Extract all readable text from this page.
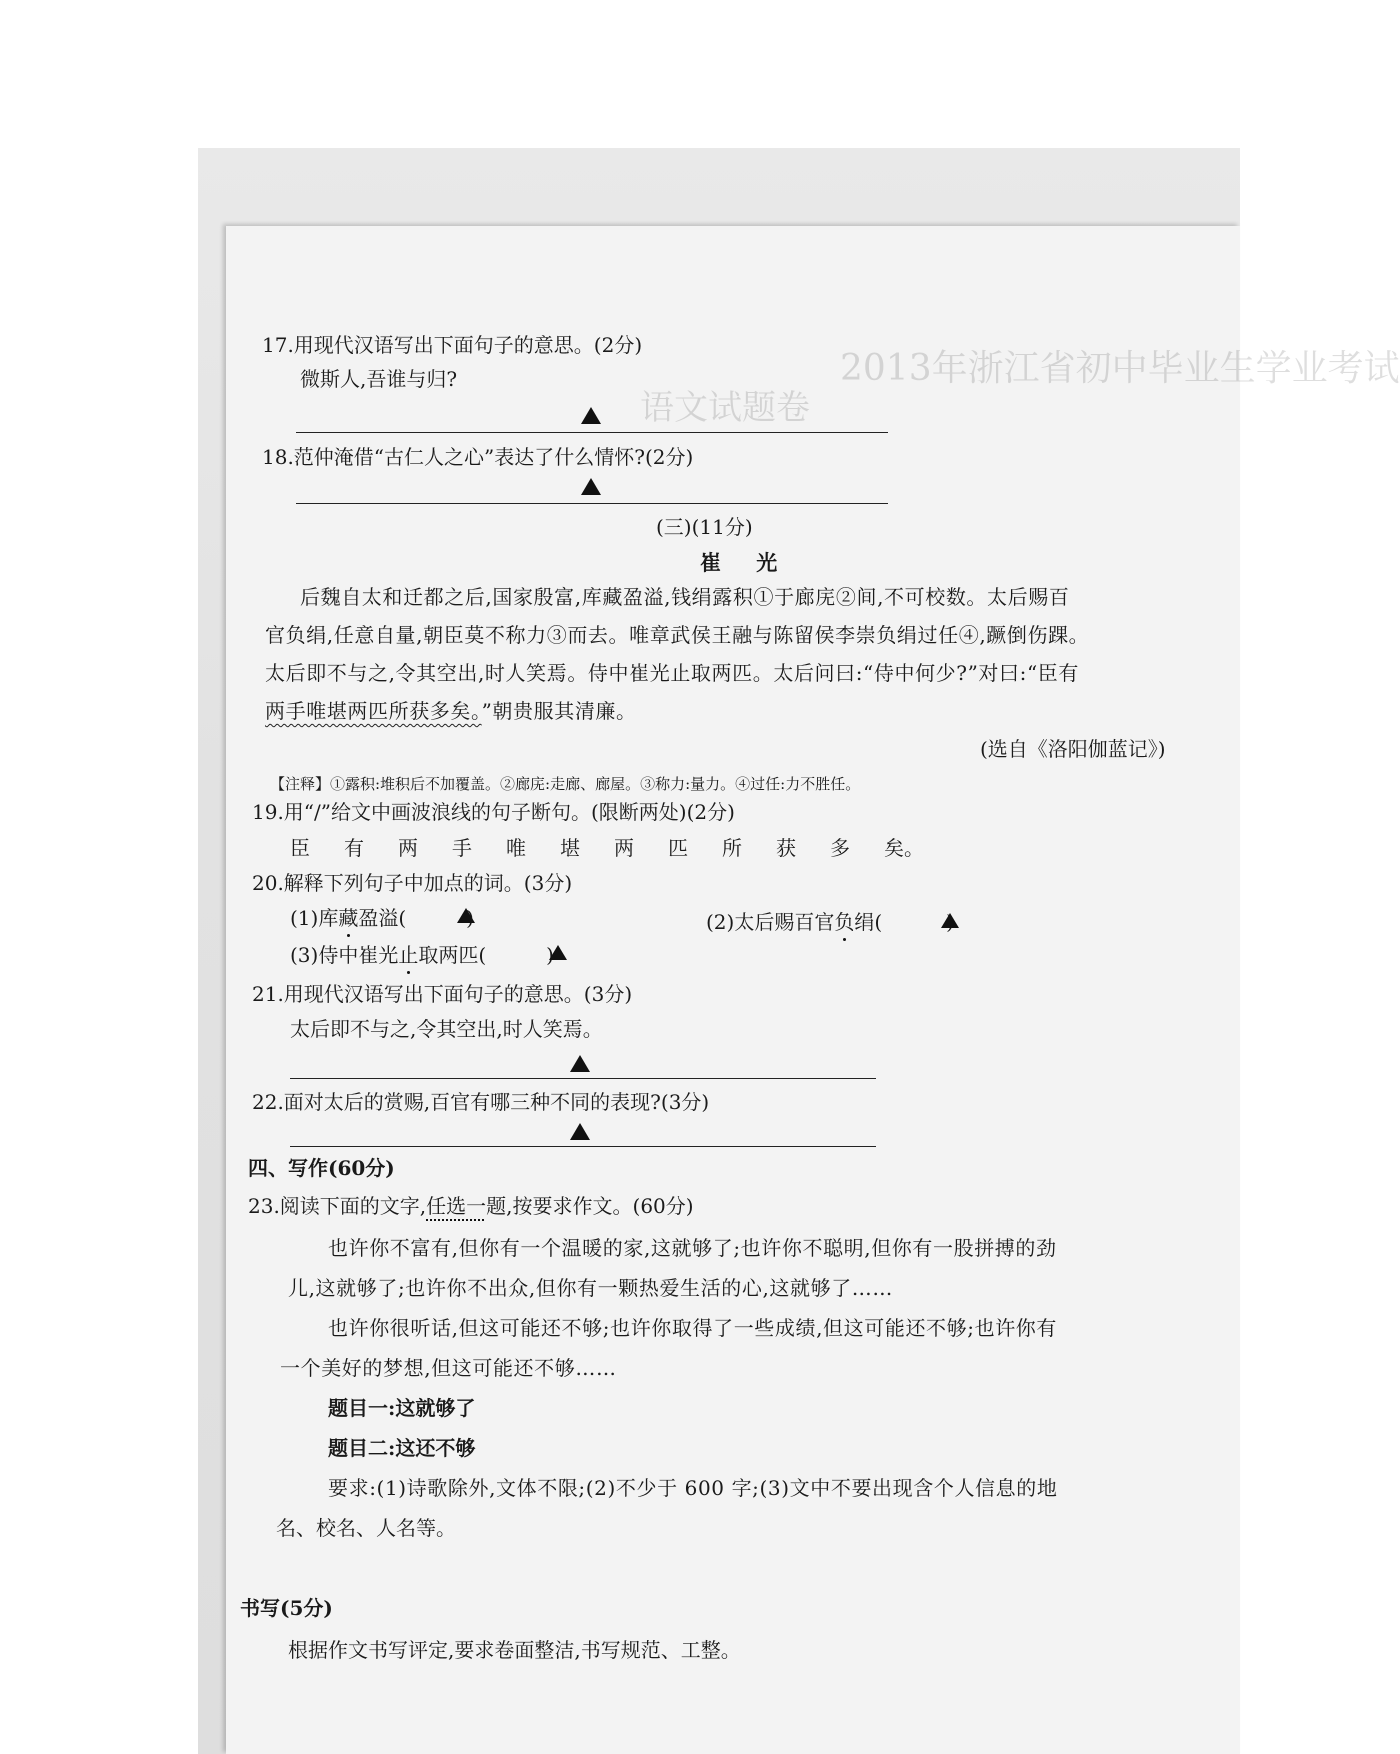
2013年浙江省初中毕业生学业考试
语文试题卷
17.用现代汉语写出下面句子的意思。(2分)
微斯人,吾谁与归?
18.范仲淹借“古仁人之心”表达了什么情怀?(2分)
(三)(11分)
崔 光
后魏自太和迁都之后,国家殷富,库藏盈溢,钱绢露积①于廊庑②间,不可校数。太后赐百
官负绢,任意自量,朝臣莫不称力③而去。唯章武侯王融与陈留侯李崇负绢过任④,蹶倒伤踝。
太后即不与之,令其空出,时人笑焉。侍中崔光止取两匹。太后问曰:“侍中何少?”对曰:“臣有
两手唯堪两匹所获多矣。”朝贵服其清廉。
(选自《洛阳伽蓝记》)
【注释】①露积:堆积后不加覆盖。②廊庑:走廊、廊屋。③称力:量力。④过任:力不胜任。
19.用“/”给文中画波浪线的句子断句。(限断两处)(2分)
臣 有 两 手 唯 堪 两 匹 所 获 多 矣。
20.解释下列句子中加点的词。(3分)
(1)库藏盈溢(	)	(2)太后赐百官负绢(	)
(3)侍中崔光止取两匹(	)
21.用现代汉语写出下面句子的意思。(3分)
太后即不与之,令其空出,时人笑焉。
22.面对太后的赏赐,百官有哪三种不同的表现?(3分)
四、写作(60分)
23.阅读下面的文字,任选一题,按要求作文。(60分)
也许你不富有,但你有一个温暖的家,这就够了;也许你不聪明,但你有一股拼搏的劲
儿,这就够了;也许你不出众,但你有一颗热爱生活的心,这就够了……
也许你很听话,但这可能还不够;也许你取得了一些成绩,但这可能还不够;也许你有
一个美好的梦想,但这可能还不够……
题目一:这就够了
题目二:这还不够
要求:(1)诗歌除外,文体不限;(2)不少于 600 字;(3)文中不要出现含个人信息的地
名、校名、人名等。
书写(5分)
根据作文书写评定,要求卷面整洁,书写规范、工整。
